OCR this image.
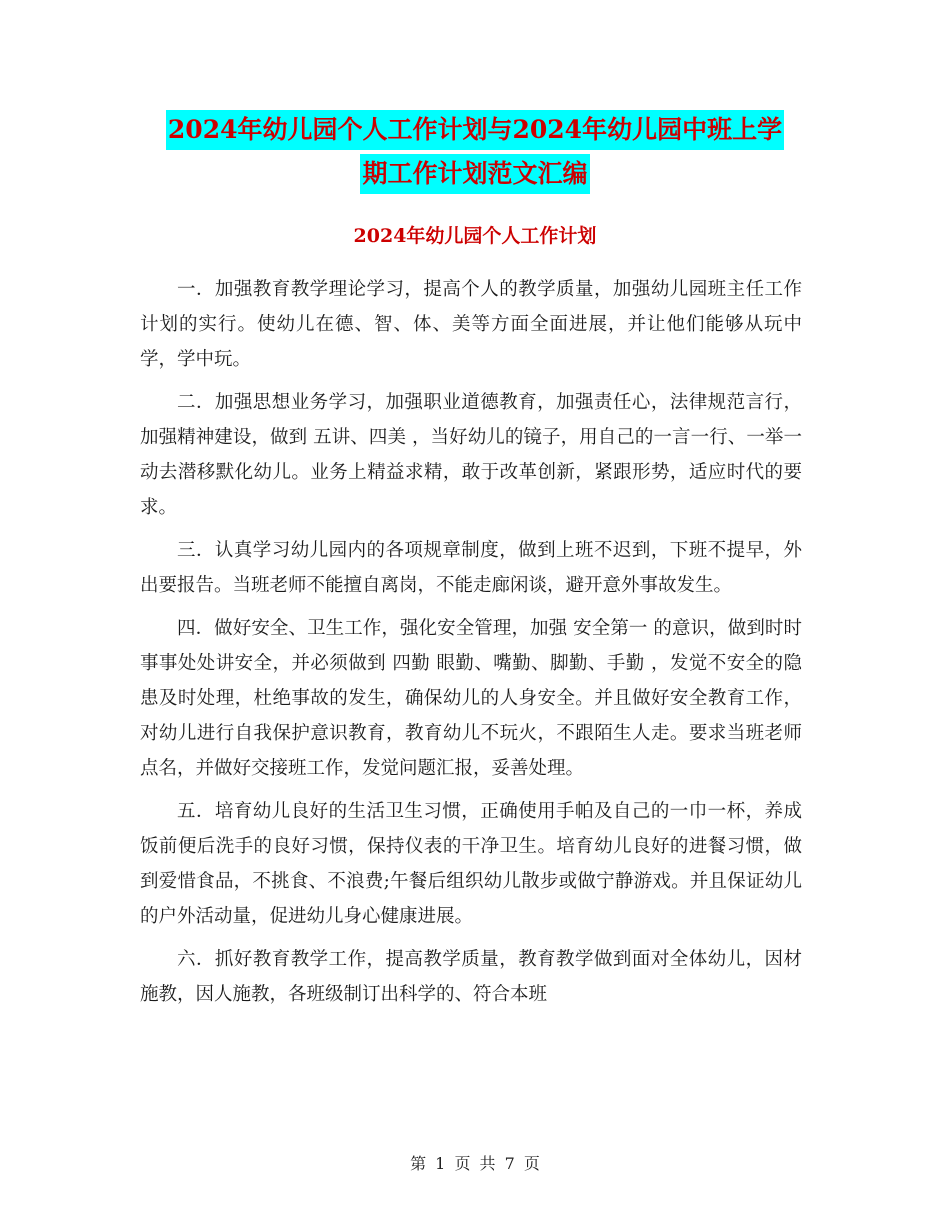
2024年幼儿园个人工作计划与2024年幼儿园中班上学
期工作计划范文汇编
2024年幼儿园个人工作计划

一．加强教育教学理论学习，提高个人的教学质量，加强幼儿园班主任工作计划的实行。使幼儿在德、智、体、美等方面全面进展，并让他们能够从玩中学，学中玩。

二．加强思想业务学习，加强职业道德教育，加强责任心，法律规范言行，加强精神建设，做到 五讲、四美 ，当好幼儿的镜子，用自己的一言一行、一举一动去潜移默化幼儿。业务上精益求精，敢于改革创新，紧跟形势，适应时代的要求。

三．认真学习幼儿园内的各项规章制度，做到上班不迟到，下班不提早，外出要报告。当班老师不能擅自离岗，不能走廊闲谈，避开意外事故发生。

四．做好安全、卫生工作，强化安全管理，加强 安全第一 的意识，做到时时事事处处讲安全，并必须做到 四勤 眼勤、嘴勤、脚勤、手勤 ，发觉不安全的隐患及时处理，杜绝事故的发生，确保幼儿的人身安全。并且做好安全教育工作，对幼儿进行自我保护意识教育，教育幼儿不玩火，不跟陌生人走。要求当班老师点名，并做好交接班工作，发觉问题汇报，妥善处理。

五．培育幼儿良好的生活卫生习惯，正确使用手帕及自己的一巾一杯，养成饭前便后洗手的良好习惯，保持仪表的干净卫生。培育幼儿良好的进餐习惯，做到爱惜食品，不挑食、不浪费;午餐后组织幼儿散步或做宁静游戏。并且保证幼儿的户外活动量，促进幼儿身心健康进展。

六．抓好教育教学工作，提高教学质量，教育教学做到面对全体幼儿，因材施教，因人施教，各班级制订出科学的、符合本班

第 1 页 共 7 页
